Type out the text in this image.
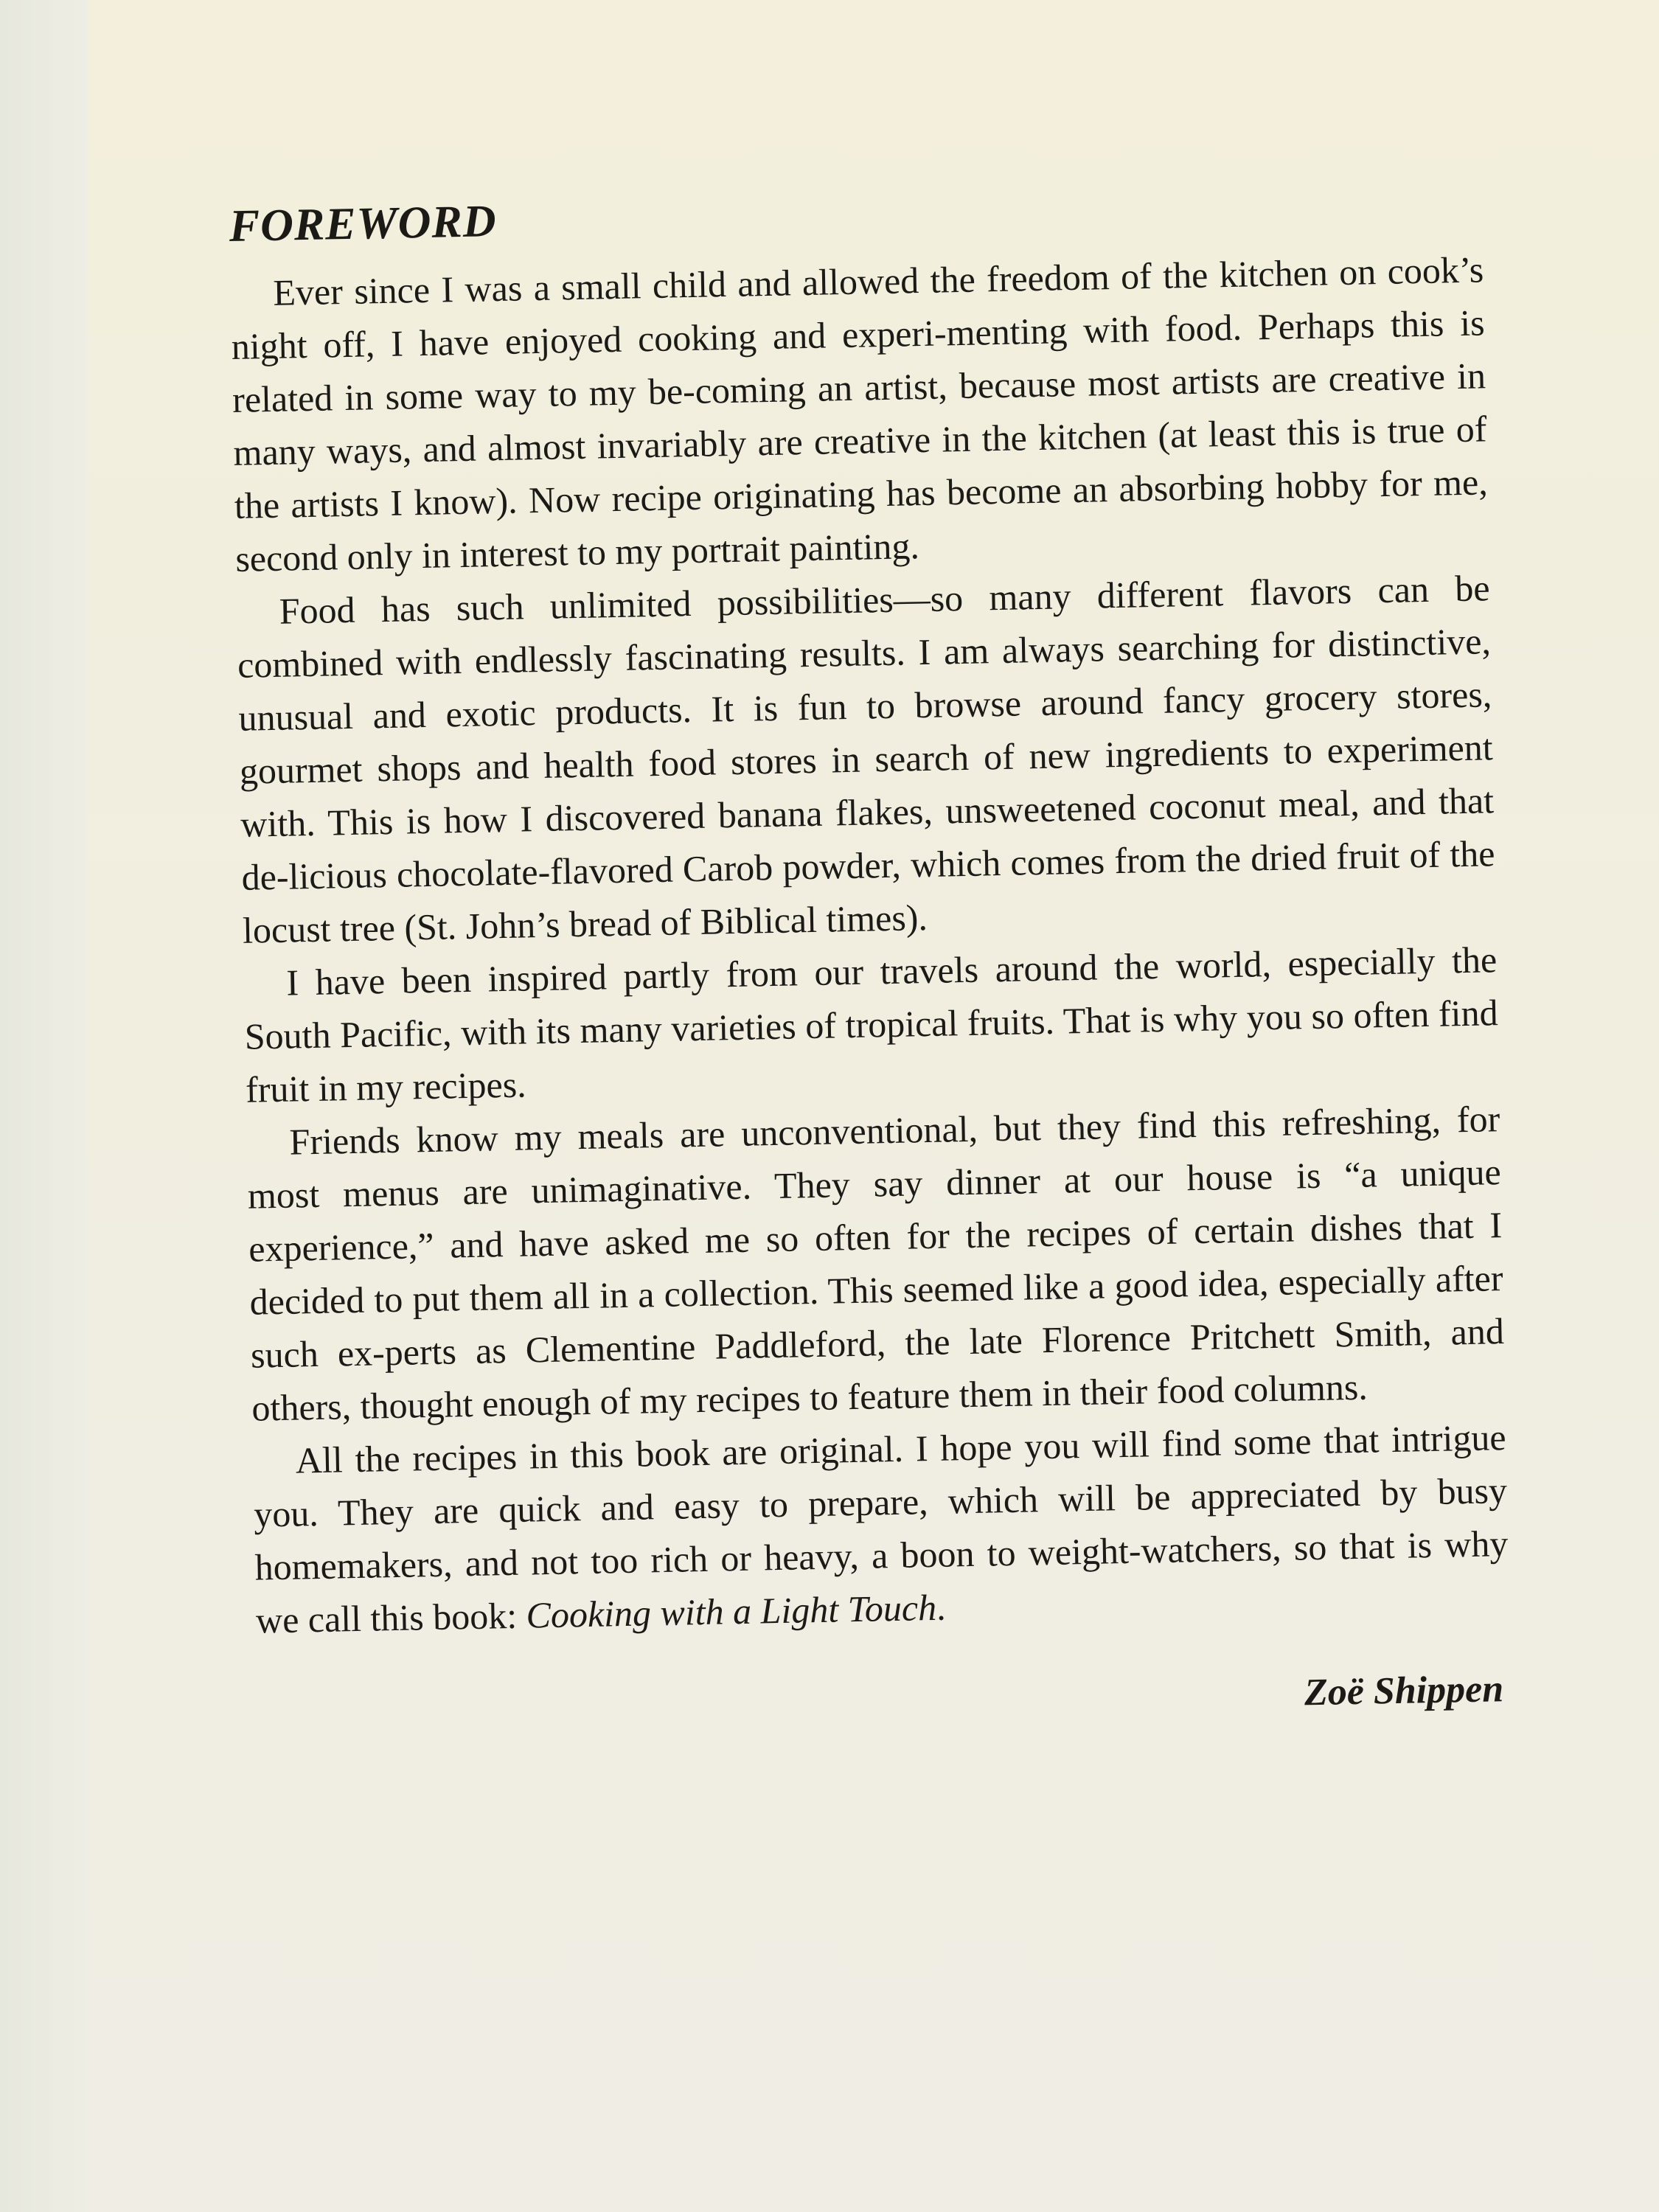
FOREWORD

Ever since I was a small child and allowed the freedom of the kitchen on cook’s night off, I have enjoyed cooking and experi-menting with food. Perhaps this is related in some way to my be-coming an artist, because most artists are creative in many ways, and almost invariably are creative in the kitchen (at least this is true of the artists I know). Now recipe originating has become an absorbing hobby for me, second only in interest to my portrait painting.

Food has such unlimited possibilities—so many different flavors can be combined with endlessly fascinating results. I am always searching for distinctive, unusual and exotic products. It is fun to browse around fancy grocery stores, gourmet shops and health food stores in search of new ingredients to experiment with. This is how I discovered banana flakes, unsweetened coconut meal, and that de-licious chocolate-flavored Carob powder, which comes from the dried fruit of the locust tree (St. John’s bread of Biblical times).

I have been inspired partly from our travels around the world, especially the South Pacific, with its many varieties of tropical fruits. That is why you so often find fruit in my recipes.

Friends know my meals are unconventional, but they find this refreshing, for most menus are unimaginative. They say dinner at our house is “a unique experience,” and have asked me so often for the recipes of certain dishes that I decided to put them all in a collection. This seemed like a good idea, especially after such ex-perts as Clementine Paddleford, the late Florence Pritchett Smith, and others, thought enough of my recipes to feature them in their food columns.

All the recipes in this book are original. I hope you will find some that intrigue you. They are quick and easy to prepare, which will be appreciated by busy homemakers, and not too rich or heavy, a boon to weight-watchers, so that is why we call this book: Cooking with a Light Touch.

Zoë Shippen
